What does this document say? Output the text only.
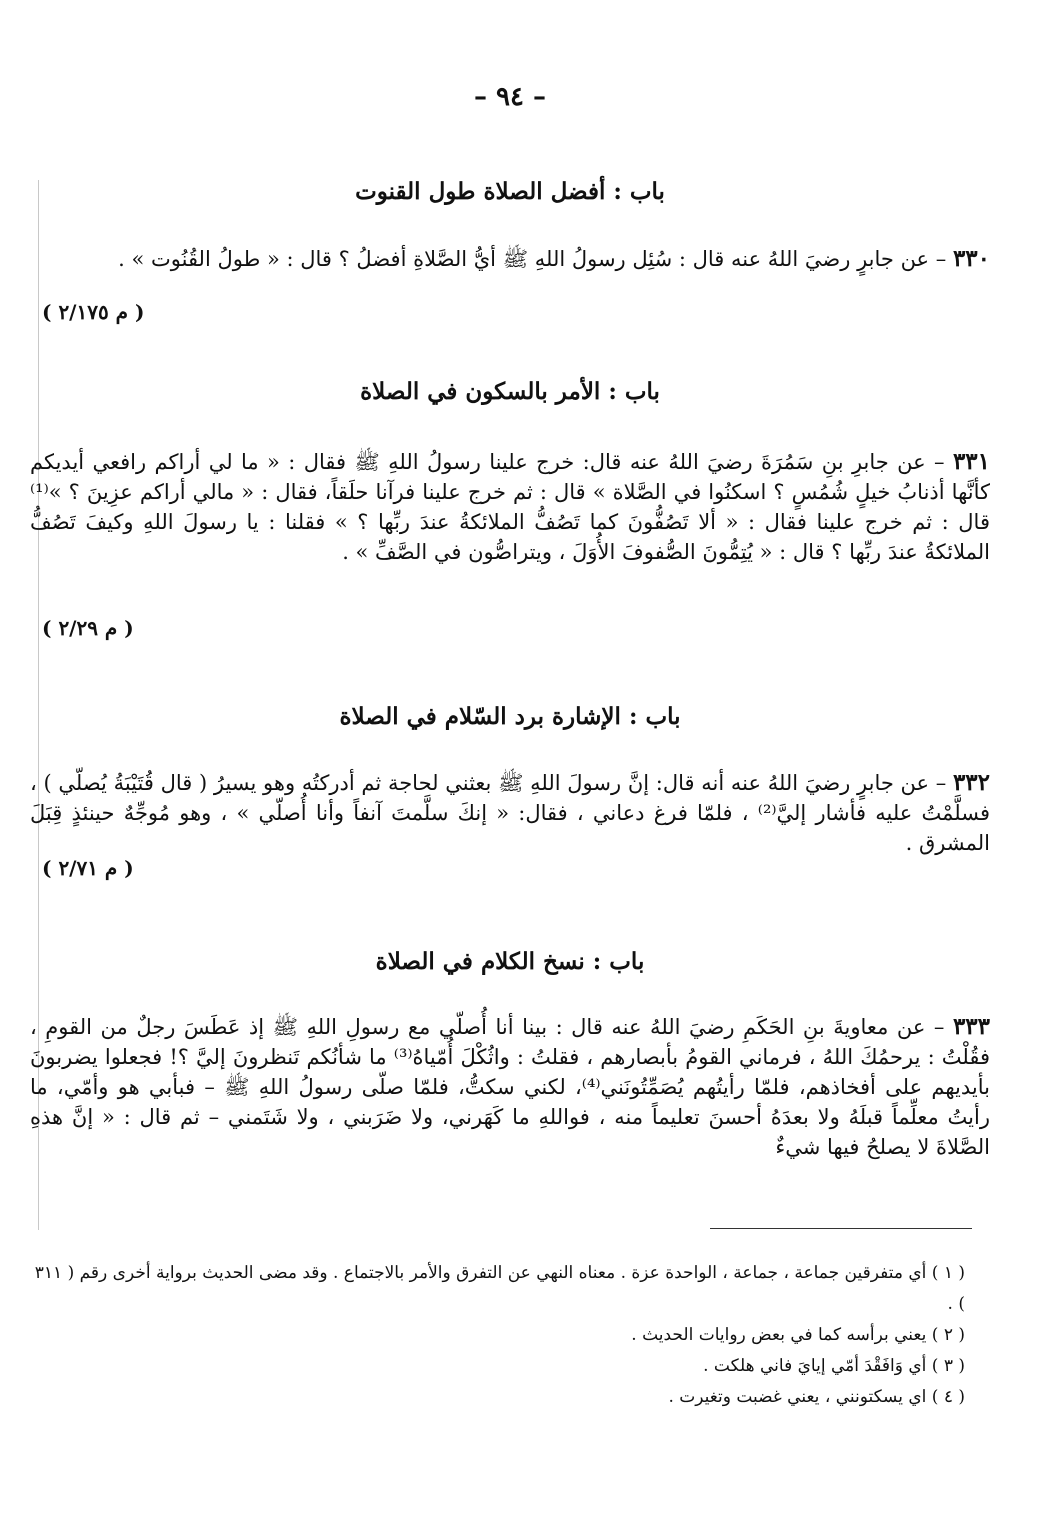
– ٩٤ –
باب : أفضل الصلاة طول القنوت
٣٣٠ – عن جابرٍ رضيَ اللهُ عنه قال : سُئِل رسولُ اللهِ ﷺ أيُّ الصَّلاةِ أفضلُ ؟ قال : « طولُ القُنُوت » .
( م ٢/١٧٥ )
باب : الأمر بالسكون في الصلاة
٣٣١ – عن جابرِ بنِ سَمُرَةَ رضيَ اللهُ عنه قال: خرج علينا رسولُ اللهِ ﷺ فقال : « ما لي أراكم رافعي أيديكم كأنَّها أذنابُ خيلٍ شُمُسٍ ؟ اسكنُوا في الصَّلاة » قال : ثم خرج علينا فرآنا حلَقاً، فقال : « مالي أراكم عزِينَ ؟ »⁽¹⁾ قال : ثم خرج علينا فقال : « ألا تَصُفُّونَ كما تَصُفُّ الملائكةُ عندَ ربِّها ؟ » فقلنا : يا رسولَ اللهِ وكيفَ تَصُفُّ الملائكةُ عندَ ربِّها ؟ قال : « يُتِمُّونَ الصُّفوفَ الأُوَلَ ، ويتراصُّون في الصَّفِّ » .
( م ٢/٢٩ )
باب : الإشارة برد السّلام في الصلاة
٣٣٢ – عن جابرٍ رضيَ اللهُ عنه أنه قال: إنَّ رسولَ اللهِ ﷺ بعثني لحاجة ثم أدركتُه وهو يسيرُ ( قال قُتَيْبَةُ يُصلّي ) ، فسلَّمْتُ عليه فأشار إليَّ⁽²⁾ ، فلمّا فرغ دعاني ، فقال: « إنكَ سلَّمتَ آنفاً وأنا أُصلّي » ، وهو مُوجِّهٌ حينئذٍ قِبَلَ المشرق .
( م ٢/٧١ )
باب : نسخ الكلام في الصلاة
٣٣٣ – عن معاويةَ بنِ الحَكَمِ رضيَ اللهُ عنه قال : بينا أنا أُصلّي مع رسولِ اللهِ ﷺ إذ عَطَسَ رجلٌ من القومِ ، فقُلْتُ : يرحمُكَ اللهُ ، فرماني القومُ بأبصارهم ، فقلتُ : واثُكْلَ أُمّياهُ⁽³⁾ ما شأنُكم تَنظرونَ إليَّ ؟! فجعلوا يضربونَ بأيديهم على أفخاذهم، فلمّا رأيتُهم يُصَمِّتُونَني⁽⁴⁾، لكني سكتُّ، فلمّا صلّى رسولُ اللهِ ﷺ – فبأبي هو وأمّي، ما رأيتُ معلِّماً قبلَهُ ولا بعدَهُ أحسنَ تعليماً منه ، فواللهِ ما كَهَرني، ولا ضَرَبني ، ولا شَتَمني – ثم قال : « إنَّ هذهِ الصَّلاةَ لا يصلحُ فيها شيءٌ

( ١ ) أي متفرقين جماعة ، جماعة ، الواحدة عزة . معناه النهي عن التفرق والأمر بالاجتماع . وقد مضى الحديث برواية أخرى رقم ( ٣١١ ) .

( ٢ ) يعني برأسه كما في بعض روايات الحديث .

( ٣ ) أي وَافَقْدَ أمّي إيايَ فاني هلكت .

( ٤ ) اي يسكتونني ، يعني غضبت وتغيرت .
